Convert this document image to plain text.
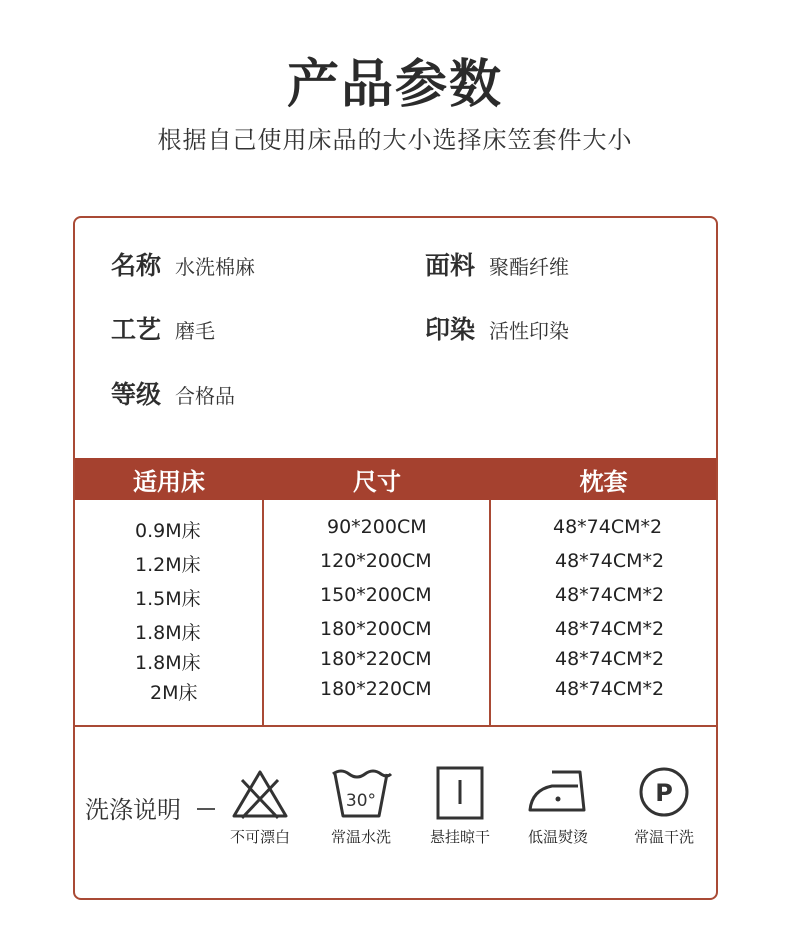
产品参数
根据自己使用床品的大小选择床笠套件大小
名称 水洗棉麻	面料 聚酯纤维
工艺 磨毛	印染 活性印染
等级 合格品
适用床	尺寸	枕套
0.9M床	90*200CM	48*74CM*2
1.2M床	120*200CM	48*74CM*2
1.5M床	150*200CM	48*74CM*2
1.8M床	180*200CM	48*74CM*2
1.8M床	180*220CM	48*74CM*2
2M床	180*220CM	48*74CM*2
洗涤说明
不可漂白
30°
常温水洗	悬挂晾干	低温熨烫
P
常温干洗
